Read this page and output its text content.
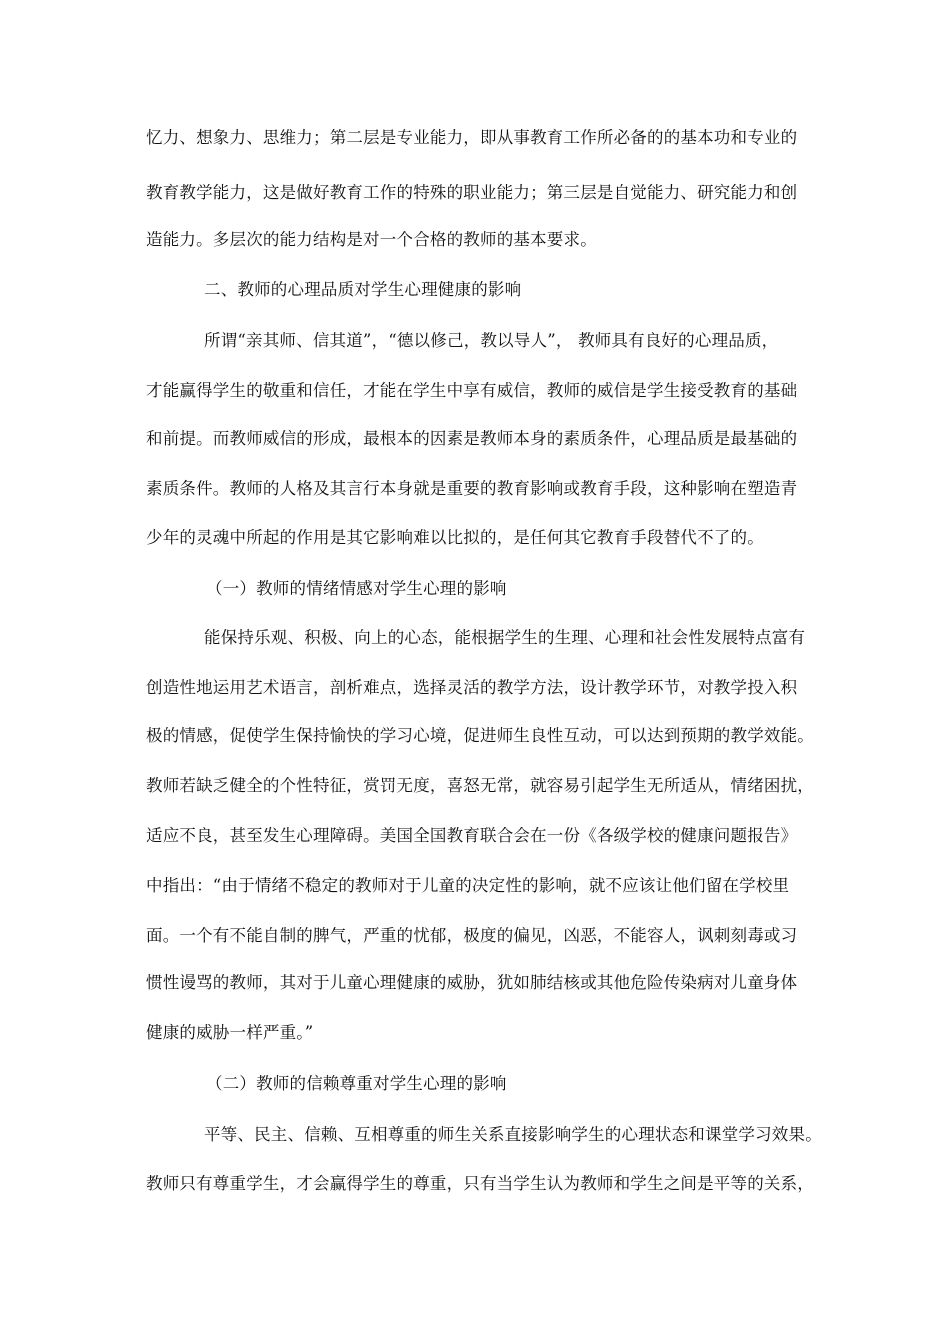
忆力、想象力、思维力；第二层是专业能力，即从事教育工作所必备的的基本功和专业的
教育教学能力，这是做好教育工作的特殊的职业能力；第三层是自觉能力、研究能力和创
造能力。多层次的能力结构是对一个合格的教师的基本要求。
二、教师的心理品质对学生心理健康的影响
所谓“亲其师、信其道”，“德以修己，教以导人”， 教师具有良好的心理品质，
才能赢得学生的敬重和信任，才能在学生中享有威信，教师的威信是学生接受教育的基础
和前提。而教师威信的形成，最根本的因素是教师本身的素质条件，心理品质是最基础的
素质条件。教师的人格及其言行本身就是重要的教育影响或教育手段，这种影响在塑造青
少年的灵魂中所起的作用是其它影响难以比拟的，是任何其它教育手段替代不了的。
（一）教师的情绪情感对学生心理的影响
能保持乐观、积极、向上的心态，能根据学生的生理、心理和社会性发展特点富有
创造性地运用艺术语言，剖析难点，选择灵活的教学方法，设计教学环节，对教学投入积
极的情感，促使学生保持愉快的学习心境，促进师生良性互动，可以达到预期的教学效能。
教师若缺乏健全的个性特征，赏罚无度，喜怒无常，就容易引起学生无所适从，情绪困扰，
适应不良，甚至发生心理障碍。美国全国教育联合会在一份《各级学校的健康问题报告》
中指出：“由于情绪不稳定的教师对于儿童的决定性的影响，就不应该让他们留在学校里
面。一个有不能自制的脾气，严重的忧郁，极度的偏见，凶恶，不能容人，讽刺刻毒或习
惯性谩骂的教师，其对于儿童心理健康的威胁，犹如肺结核或其他危险传染病对儿童身体
健康的威胁一样严重。”
（二）教师的信赖尊重对学生心理的影响
平等、民主、信赖、互相尊重的师生关系直接影响学生的心理状态和课堂学习效果。
教师只有尊重学生，才会赢得学生的尊重，只有当学生认为教师和学生之间是平等的关系，
